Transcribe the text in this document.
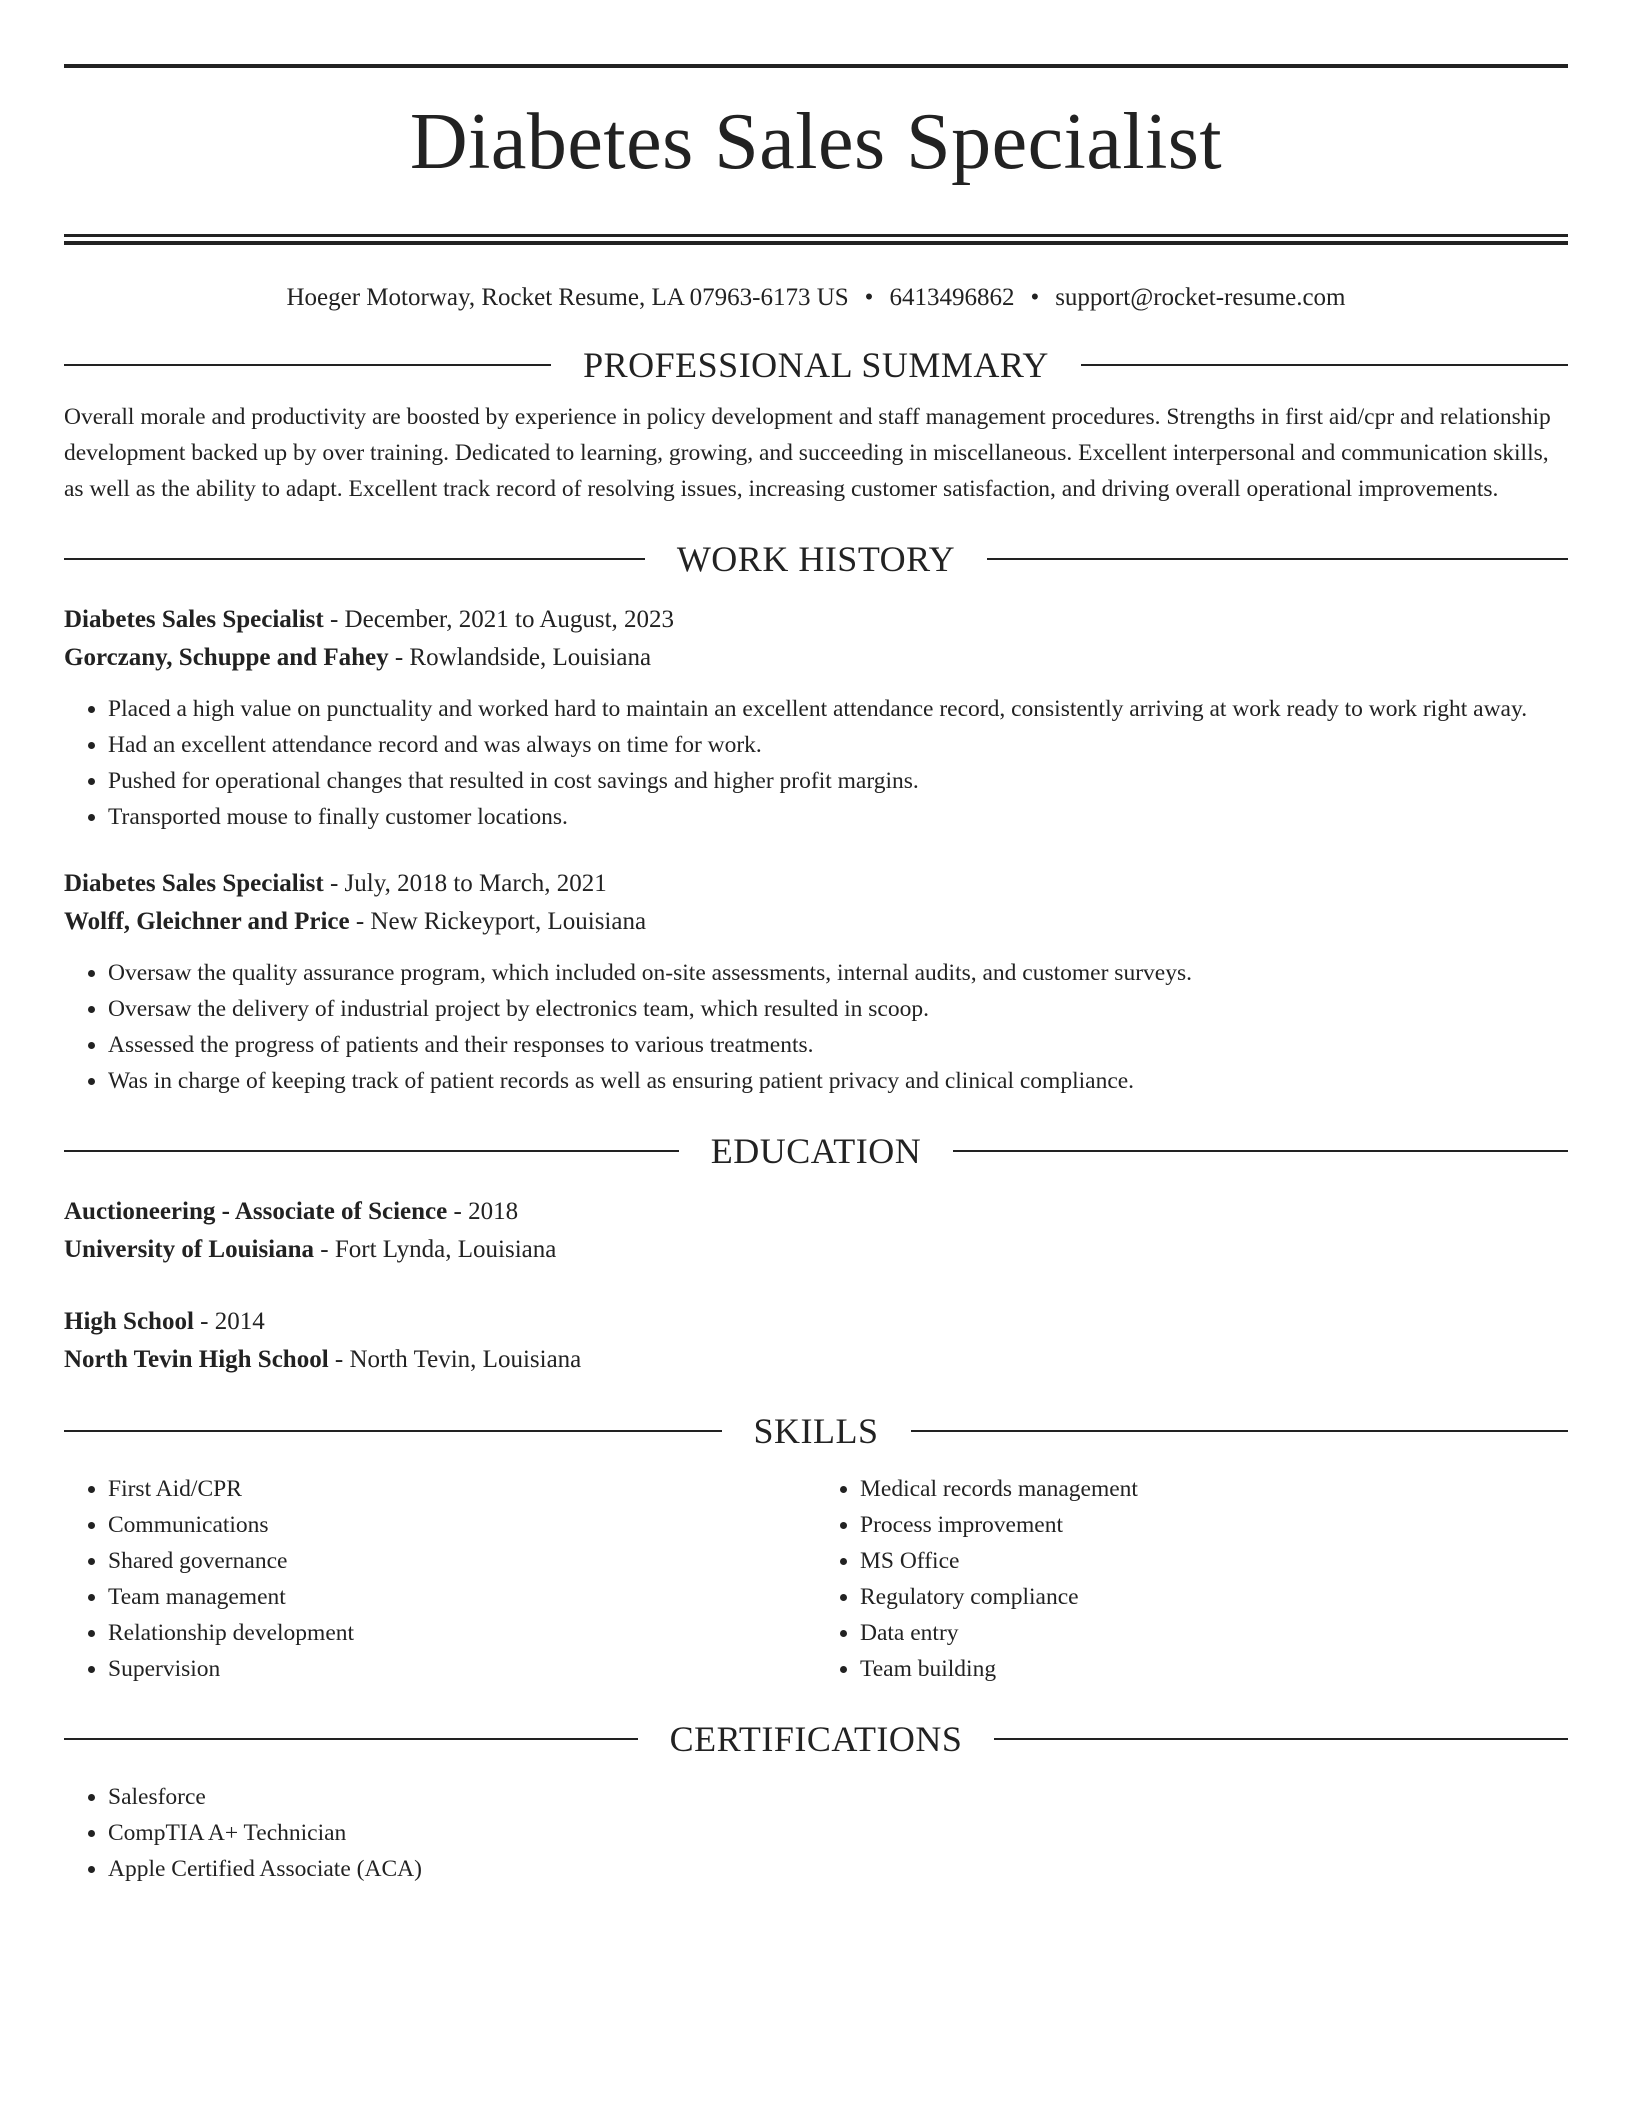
Diabetes Sales Specialist
Hoeger Motorway, Rocket Resume, LA 07963-6173 US • 6413496862 • support@rocket-resume.com
PROFESSIONAL SUMMARY
Overall morale and productivity are boosted by experience in policy development and staff management procedures. Strengths in first aid/cpr and relationship development backed up by over training. Dedicated to learning, growing, and succeeding in miscellaneous. Excellent interpersonal and communication skills, as well as the ability to adapt. Excellent track record of resolving issues, increasing customer satisfaction, and driving overall operational improvements.
WORK HISTORY
Diabetes Sales Specialist - December, 2021 to August, 2023
Gorczany, Schuppe and Fahey - Rowlandside, Louisiana
• Placed a high value on punctuality and worked hard to maintain an excellent attendance record, consistently arriving at work ready to work right away.
• Had an excellent attendance record and was always on time for work.
• Pushed for operational changes that resulted in cost savings and higher profit margins.
• Transported mouse to finally customer locations.
Diabetes Sales Specialist - July, 2018 to March, 2021
Wolff, Gleichner and Price - New Rickeyport, Louisiana
• Oversaw the quality assurance program, which included on-site assessments, internal audits, and customer surveys.
• Oversaw the delivery of industrial project by electronics team, which resulted in scoop.
• Assessed the progress of patients and their responses to various treatments.
• Was in charge of keeping track of patient records as well as ensuring patient privacy and clinical compliance.
EDUCATION
Auctioneering - Associate of Science - 2018
University of Louisiana - Fort Lynda, Louisiana
High School - 2014
North Tevin High School - North Tevin, Louisiana
SKILLS
• First Aid/CPR
• Communications
• Shared governance
• Team management
• Relationship development
• Supervision
• Medical records management
• Process improvement
• MS Office
• Regulatory compliance
• Data entry
• Team building
CERTIFICATIONS
• Salesforce
• CompTIA A+ Technician
• Apple Certified Associate (ACA)
